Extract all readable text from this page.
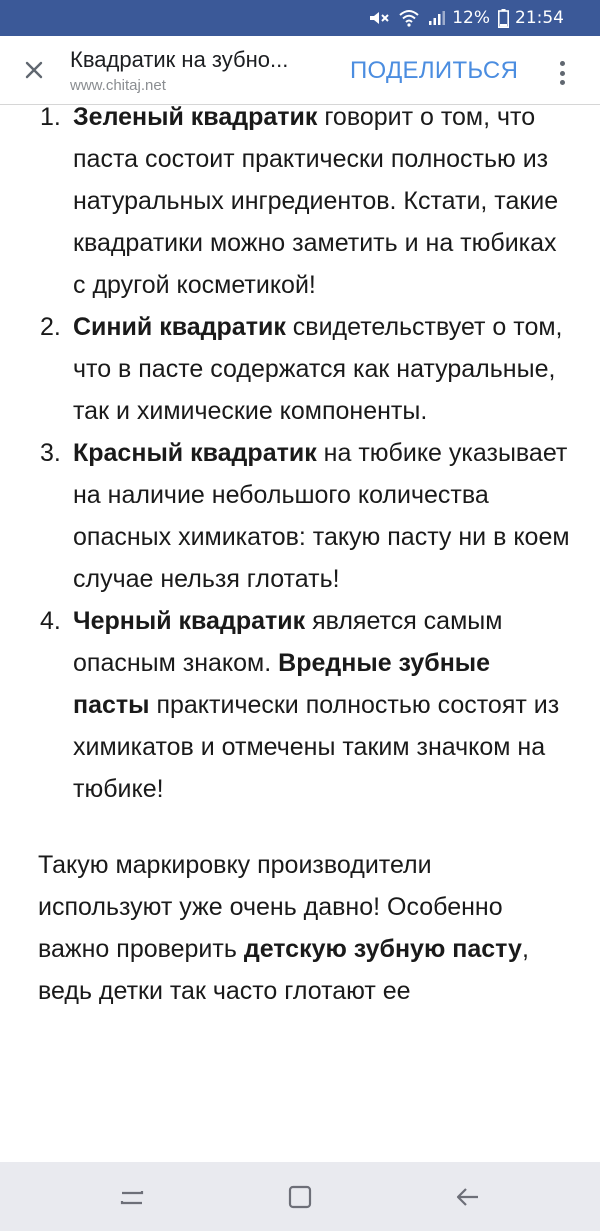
12% 21:54
Квадратик на зубно...
www.chitaj.net
ПОДЕЛИТЬСЯ
1. Зеленый квадратик говорит о том, что паста состоит практически полностью из натуральных ингредиентов. Кстати, такие квадратики можно заметить и на тюбиках с другой косметикой!
2. Синий квадратик свидетельствует о том, что в пасте содержатся как натуральные, так и химические компоненты.
3. Красный квадратик на тюбике указывает на наличие небольшого количества опасных химикатов: такую пасту ни в коем случае нельзя глотать!
4. Черный квадратик является самым опасным знаком. Вредные зубные пасты практически полностью состоят из химикатов и отмечены таким значком на тюбике!

Такую маркировку производители используют уже очень давно! Особенно важно проверить детскую зубную пасту, ведь детки так часто глотают ее
